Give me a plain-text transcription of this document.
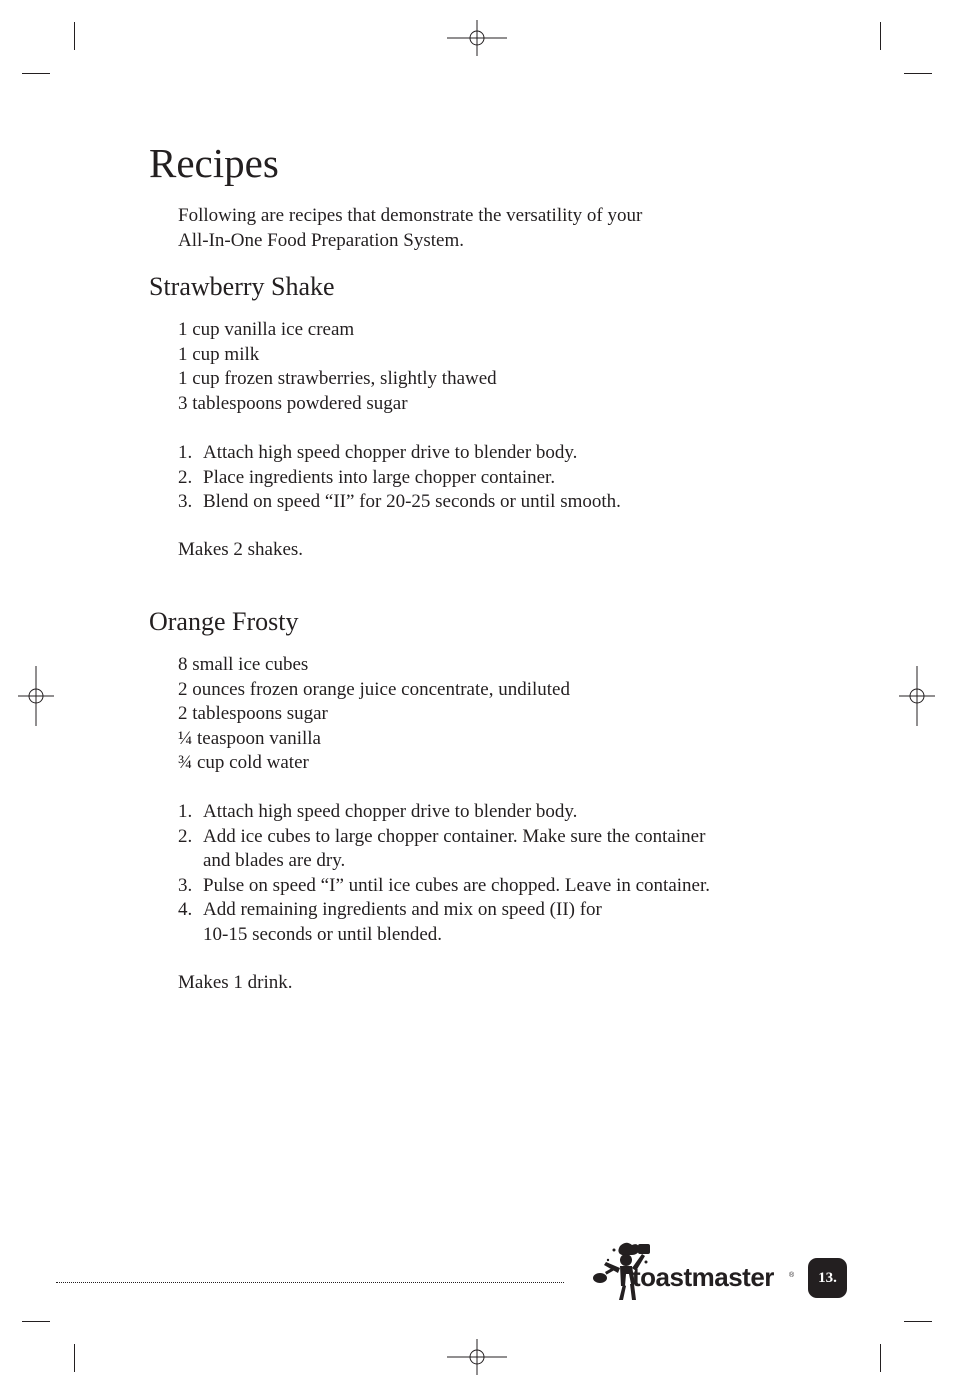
Recipes

Following are recipes that demonstrate the versatility of your
All-In-One Food Preparation System.

Strawberry Shake
1 cup vanilla ice cream
1 cup milk
1 cup frozen strawberries, slightly thawed
3 tablespoons powdered sugar
1. Attach high speed chopper drive to blender body.
2. Place ingredients into large chopper container.
3. Blend on speed “II” for 20-25 seconds or until smooth.

Makes 2 shakes.

Orange Frosty
8 small ice cubes
2 ounces frozen orange juice concentrate, undiluted
2 tablespoons sugar
¼ teaspoon vanilla
¾ cup cold water
1. Attach high speed chopper drive to blender body.
2. Add ice cubes to large chopper container. Make sure the container
and blades are dry.
3. Pulse on speed “I” until ice cubes are chopped. Leave in container.
4. Add remaining ingredients and mix on speed (II) for
10-15 seconds or until blended.

Makes 1 drink.

toastmaster ®	13.
